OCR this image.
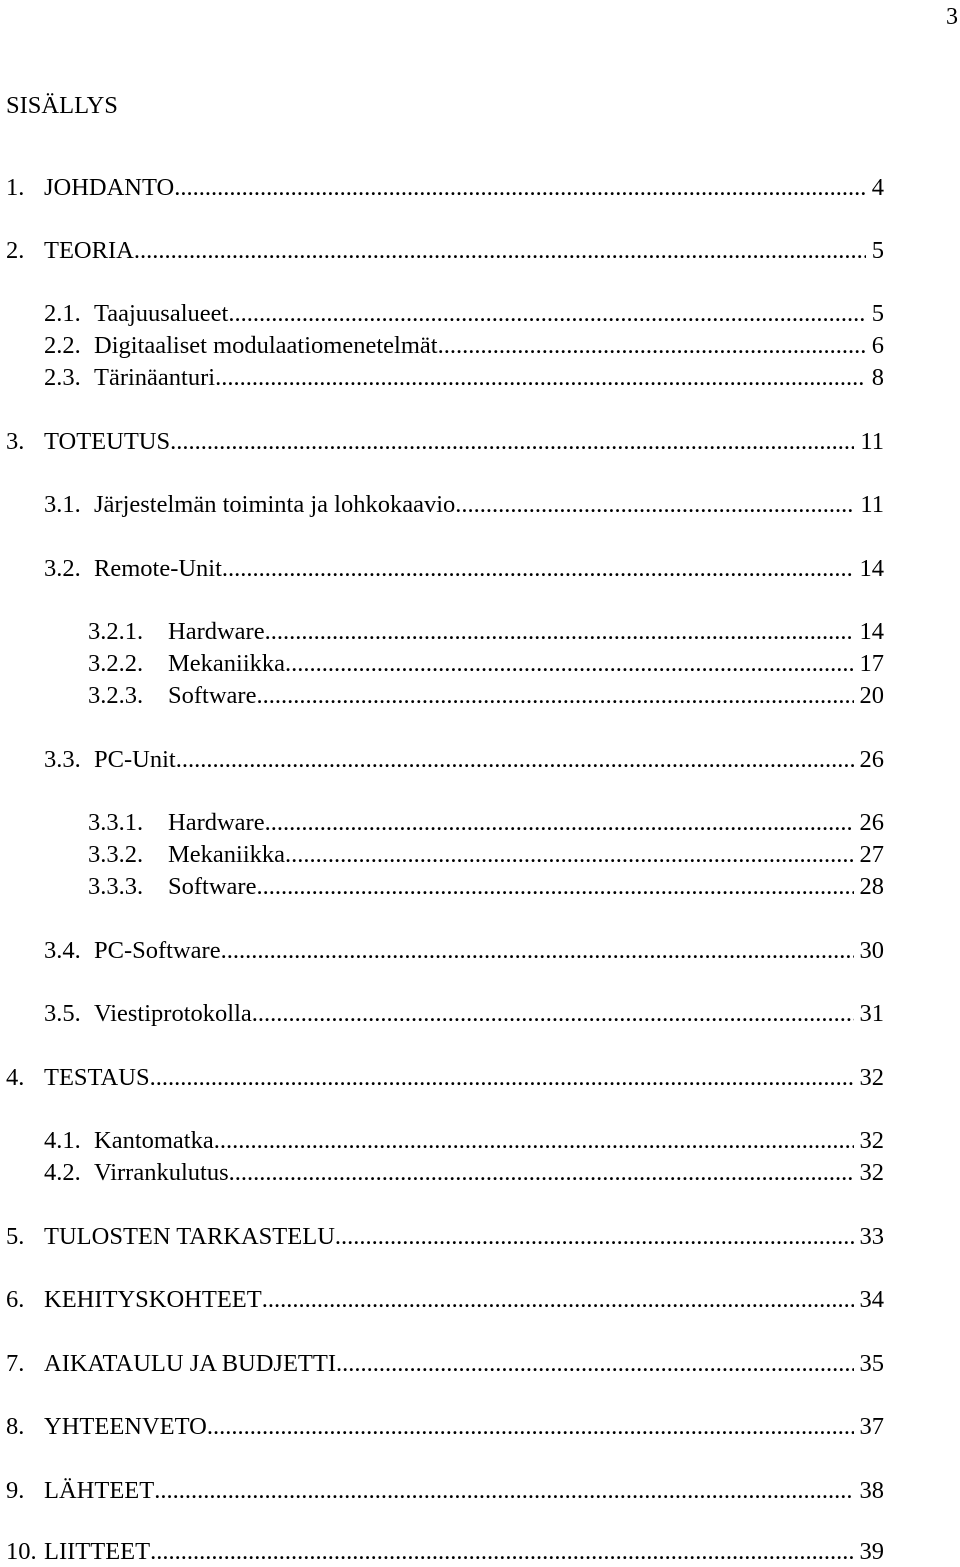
3
SISÄLLYS
1. JOHDANTO .....	4
2. TEORIA .....	5
2.1. Taajuusalueet .....	5
2.2. Digitaaliset modulaatiomenetelmät .....	6
2.3. Tärinäanturi .....	8
3. TOTEUTUS .....	11
3.1. Järjestelmän toiminta ja lohkokaavio .....	11
3.2. Remote-Unit .....	14
3.2.1.	Hardware .....	14
3.2.2.	Mekaniikka .....	17
3.2.3.	Software .....	20
3.3. PC-Unit .....	26
3.3.1.	Hardware .....	26
3.3.2.	Mekaniikka .....	27
3.3.3.	Software .....	28
3.4. PC-Software .....	30
3.5. Viestiprotokolla .....	31
4. TESTAUS .....	32
4.1. Kantomatka .....	32
4.2. Virrankulutus .....	32
5. TULOSTEN TARKASTELU .....	33
6. KEHITYSKOHTEET .....	34
7. AIKATAULU JA BUDJETTI .....	35
8. YHTEENVETO .....	37
9. LÄHTEET .....	38
10. LIITTEET .....	39
